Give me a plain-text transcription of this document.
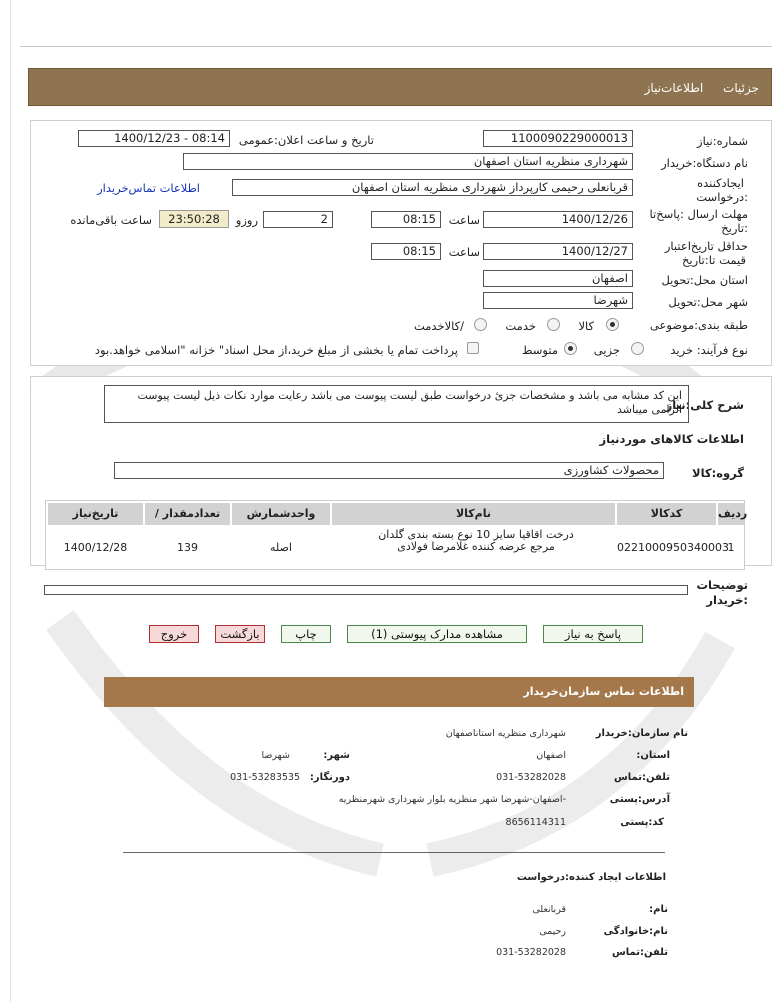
جزئیات اطلاعات‌نیاز
شماره:نیاز
1100090229000013
تاریخ و ساعت اعلان:عمومی
1400/12/23 - 08:14
نام دستگاه:خریدار
شهرداری منظریه استان اصفهان
ایجادکننده
:درخواست
قربانعلی رحیمی کارپرداز شهرداری منظریه استان اصفهان
اطلاعات تماس‌خریدار
مهلت ارسال :پاسخ‌تا
:تاریخ
1400/12/26
ساعت
08:15
2
روزو
23:50:28
ساعت باقی‌مانده
حداقل تاریخ‌اعتبار
قیمت تا:تاریخ
1400/12/27
ساعت
08:15
استان محل:تحویل
اصفهان
شهر محل:تحویل
شهرضا
طبقه بندی:موضوعی
کالا
خدمت
/کالاخدمت
نوع فرآیند: خرید
جزیی
متوسط
پرداخت تمام یا بخشی از مبلغ خرید،از محل اسناد" خزانه "اسلامی خواهد.بود
شرح کلی:نیاز
این کد مشابه می باشد و مشخصات جزئ درخواست طبق لیست پیوست می باشد رعایت موارد نکات ذیل لیست پیوست الزامی میباشد
اطلاعات کالاهای موردنیاز
گروه:کالا
محصولات کشاورزی
ردیف
کدکالا
نام‌کالا
واحدشمارش
/ تعدادمقدار
تاریخ‌نیاز
1
0221000950340003
درخت اقاقیا سایز 10 نوع بسته بندی گلدان مرجع عرضه کننده غلامرضا فولادی
اصله
139
1400/12/28
توضیحات
:خریدار
پاسخ به نیاز
مشاهده مدارک پیوستی (1)
چاپ
بازگشت
خروج
اطلاعات تماس سازمان‌خریدار
نام سازمان:خریدار
شهرداری منظریه استاناصفهان
استان:
اصفهان
شهر:
شهرضا
تلفن:تماس
031-53282028
دورنگار:
031-53283535
آدرس:پستی
-اصفهان-شهرضا شهر منظریه بلوار شهرداری شهرمنظریه
کد:پستی
8656114311
اطلاعات ایجاد کننده:درخواست
نام:
قربانعلی
نام:خانوادگی
رحیمی
تلفن:تماس
031-53282028
